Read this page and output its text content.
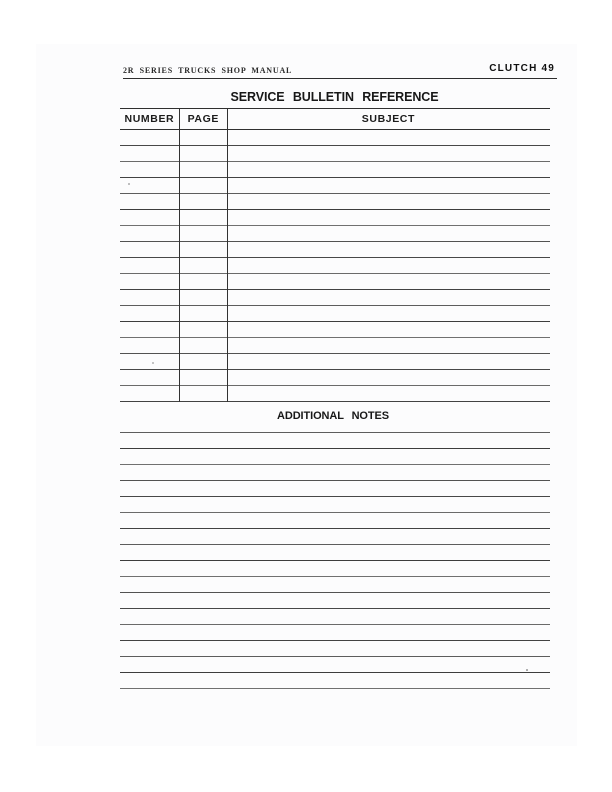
2R SERIES TRUCKS SHOP MANUAL	CLUTCH 49
SERVICE BULLETIN REFERENCE
NUMBER	PAGE	SUBJECT
ADDITIONAL NOTES
